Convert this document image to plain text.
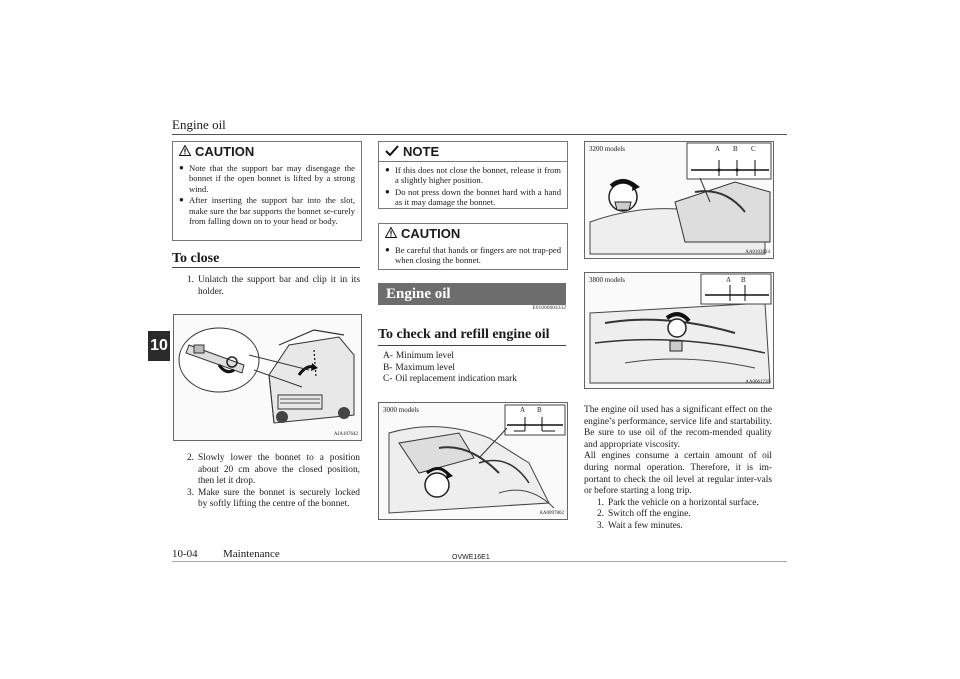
Engine oil
10
CAUTION
● Note that the support bar may disengage the bonnet if the open bonnet is lifted by a strong wind.
● After inserting the support bar into the slot, make sure the bar supports the bonnet se-curely from falling down on to your head or body.
To close
1. Unlatch the support bar and clip it in its holder.
AJA107642
2. Slowly lower the bonnet to a position about 20 cm above the closed position, then let it drop.
3. Make sure the bonnet is securely locked by softly lifting the centre of the bonnet.
NOTE
● If this does not close the bonnet, release it from a slightly higher position.
● Do not press down the bonnet hard with a hand as it may damage the bonnet.
CAUTION
● Be careful that hands or fingers are not trap-ped when closing the bonnet.
Engine oil
E01000604332
To check and refill engine oil
A- Minimum level
B- Maximum level
C- Oil replacement indication mark
3000 models	A B
AA0097802
3200 models	A B C
AA0103824
3800 models	A B
AA0061739
The engine oil used has a significant effect on the engine’s performance, service life and startability. Be sure to use oil of the recom-mended quality and appropriate viscosity.
All engines consume a certain amount of oil during normal operation. Therefore, it is im-portant to check the oil level at regular inter-vals or before starting a long trip.
1. Park the vehicle on a horizontal surface.
2. Switch off the engine.
3. Wait a few minutes.
10-04 Maintenance	OVWE16E1
